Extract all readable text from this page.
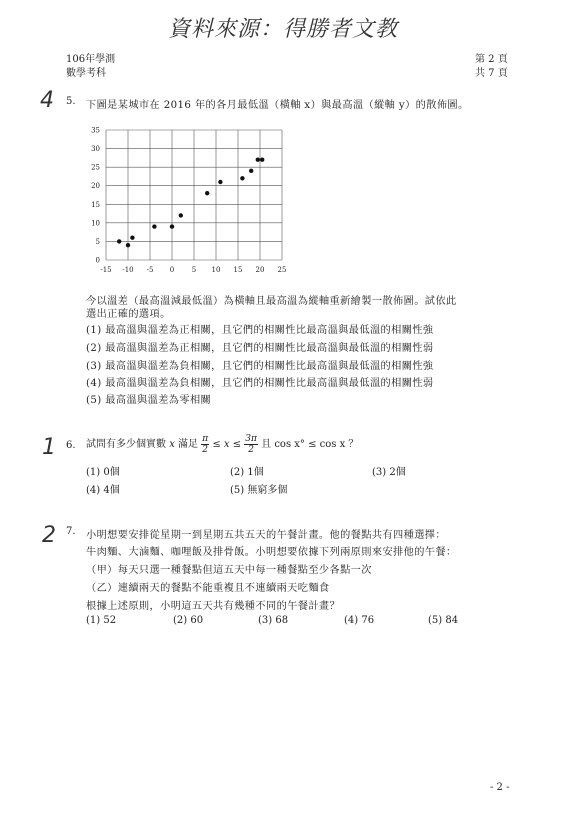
資料來源：得勝者文教
106年學測
數學考科
第 2 頁
共 7 頁
4 5. 下圖是某城市在 2016 年的各月最低溫（橫軸 x）與最高溫（縱軸 y）的散佈圖。
-15 -10 -5 0	5 10 15 20 25
0
5
10
15
20
25
30
35
今以溫差（最高溫減最低溫）為橫軸且最高溫為縱軸重新繪製一散佈圖。試依此
選出正確的選項。
(1) 最高溫與溫差為正相關，且它們的相關性比最高溫與最低溫的相關性強
(2) 最高溫與溫差為正相關，且它們的相關性比最高溫與最低溫的相關性弱
(3) 最高溫與溫差為負相關，且它們的相關性比最高溫與最低溫的相關性強
(4) 最高溫與溫差為負相關，且它們的相關性比最高溫與最低溫的相關性弱
(5) 最高溫與溫差為零相關
1 6. 試問有多少個實數 x 滿足 $\frac{\pi}{2} \le x \le \frac{3\pi}{2}$ 且 cos x° ≤ cos x ？
(1) 0個	(2) 1個	(3) 2個
(4) 4個	(5) 無窮多個
2 7. 小明想要安排從星期一到星期五共五天的午餐計畫。他的餐點共有四種選擇：
牛肉麵、大滷麵、咖哩飯及排骨飯。小明想要依據下列兩原則來安排他的午餐：
（甲）每天只選一種餐點但這五天中每一種餐點至少各點一次
（乙）連續兩天的餐點不能重複且不連續兩天吃麵食
根據上述原則，小明這五天共有幾種不同的午餐計畫？
(1) 52	(2) 60	(3) 68	(4) 76	(5) 84
- 2 -
